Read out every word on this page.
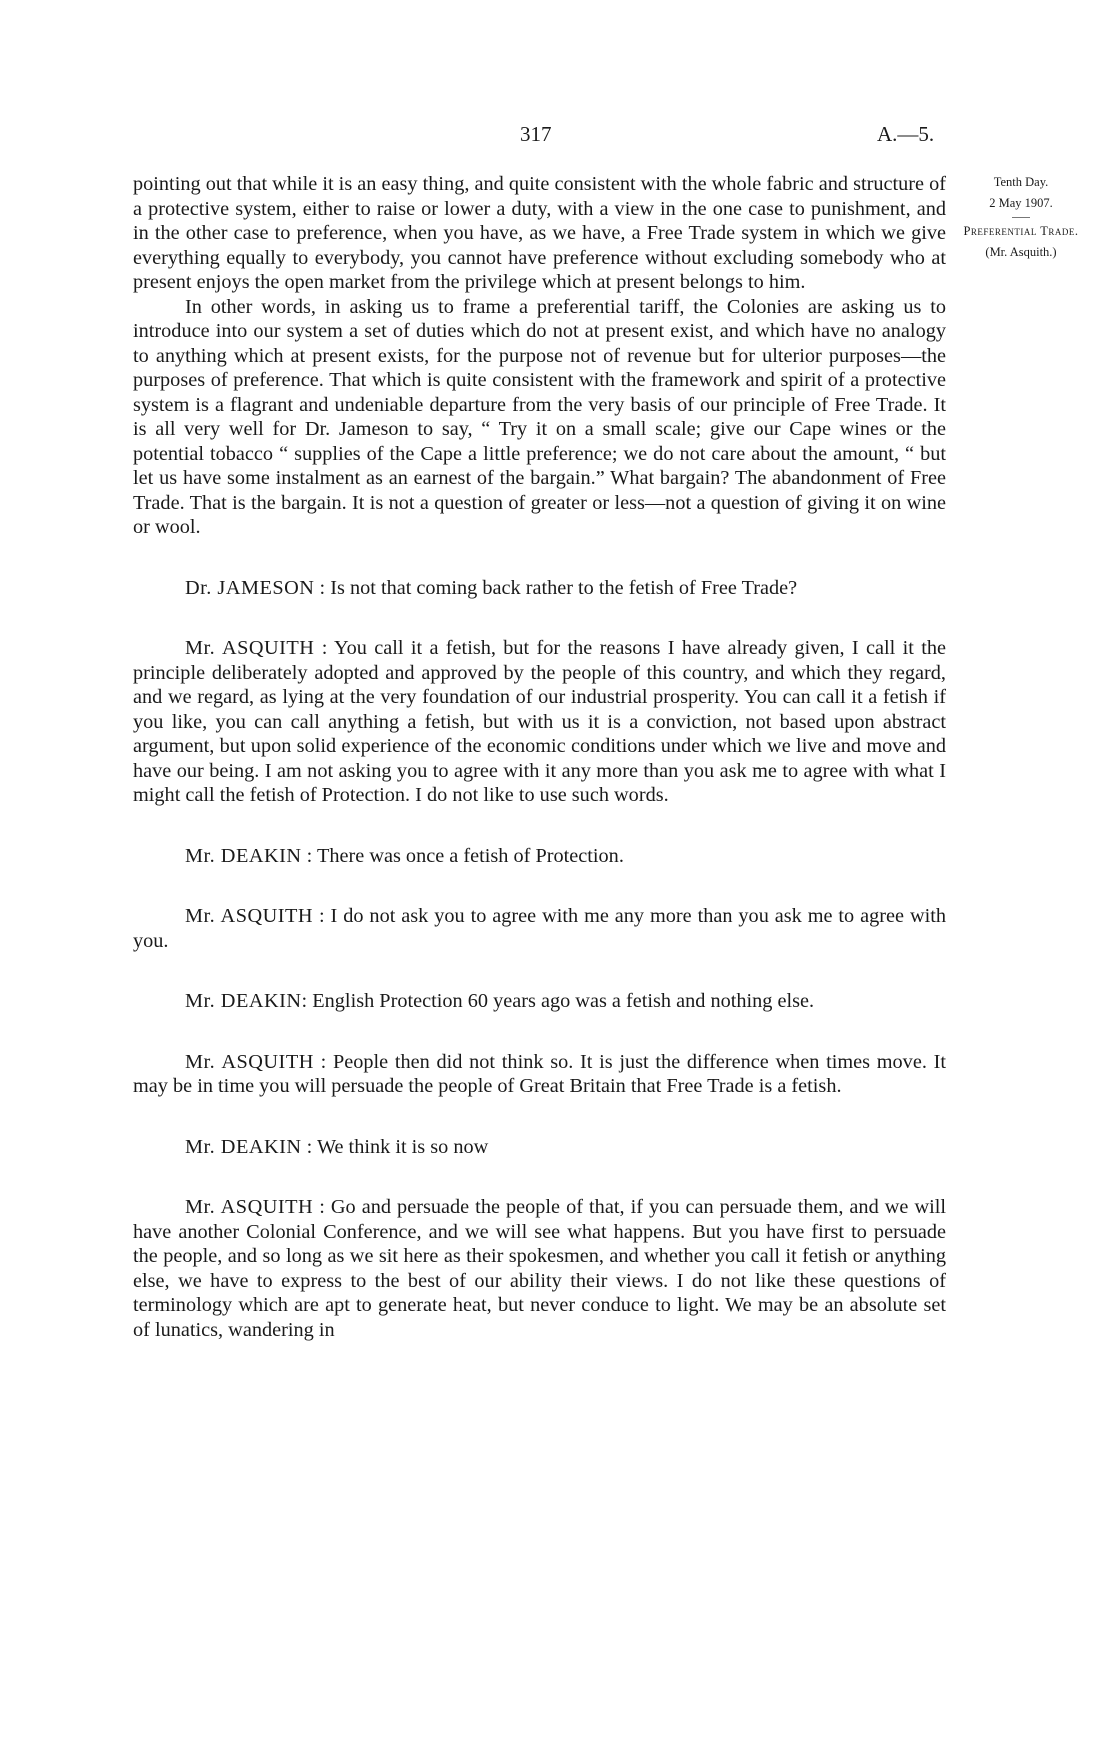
317	A.—5.
Tenth Day.
2 May 1907.
Preferential Trade.
(Mr. Asquith.)

pointing out that while it is an easy thing, and quite consistent with the whole fabric and structure of a protective system, either to raise or lower a duty, with a view in the one case to punishment, and in the other case to preference, when you have, as we have, a Free Trade system in which we give everything equally to everybody, you cannot have preference without excluding somebody who at present enjoys the open market from the privilege which at present belongs to him.

In other words, in asking us to frame a preferential tariff, the Colonies are asking us to introduce into our system a set of duties which do not at present exist, and which have no analogy to anything which at present exists, for the purpose not of revenue but for ulterior purposes—the purposes of preference. That which is quite consistent with the framework and spirit of a protective system is a flagrant and undeniable departure from the very basis of our principle of Free Trade. It is all very well for Dr. Jameson to say, “ Try it on a small scale; give our Cape wines or the potential tobacco “ supplies of the Cape a little preference; we do not care about the amount, “ but let us have some instalment as an earnest of the bargain.” What bargain? The abandonment of Free Trade. That is the bargain. It is not a question of greater or less—not a question of giving it on wine or wool.

Dr. JAMESON : Is not that coming back rather to the fetish of Free Trade?

Mr. ASQUITH : You call it a fetish, but for the reasons I have already given, I call it the principle deliberately adopted and approved by the people of this country, and which they regard, and we regard, as lying at the very foundation of our industrial prosperity. You can call it a fetish if you like, you can call anything a fetish, but with us it is a conviction, not based upon abstract argument, but upon solid experience of the economic conditions under which we live and move and have our being. I am not asking you to agree with it any more than you ask me to agree with what I might call the fetish of Protection. I do not like to use such words.

Mr. DEAKIN : There was once a fetish of Protection.

Mr. ASQUITH : I do not ask you to agree with me any more than you ask me to agree with you.

Mr. DEAKIN: English Protection 60 years ago was a fetish and nothing else.

Mr. ASQUITH : People then did not think so. It is just the difference when times move. It may be in time you will persuade the people of Great Britain that Free Trade is a fetish.

Mr. DEAKIN : We think it is so now

Mr. ASQUITH : Go and persuade the people of that, if you can persuade them, and we will have another Colonial Conference, and we will see what happens. But you have first to persuade the people, and so long as we sit here as their spokesmen, and whether you call it fetish or anything else, we have to express to the best of our ability their views. I do not like these questions of terminology which are apt to generate heat, but never conduce to light. We may be an absolute set of lunatics, wandering in
